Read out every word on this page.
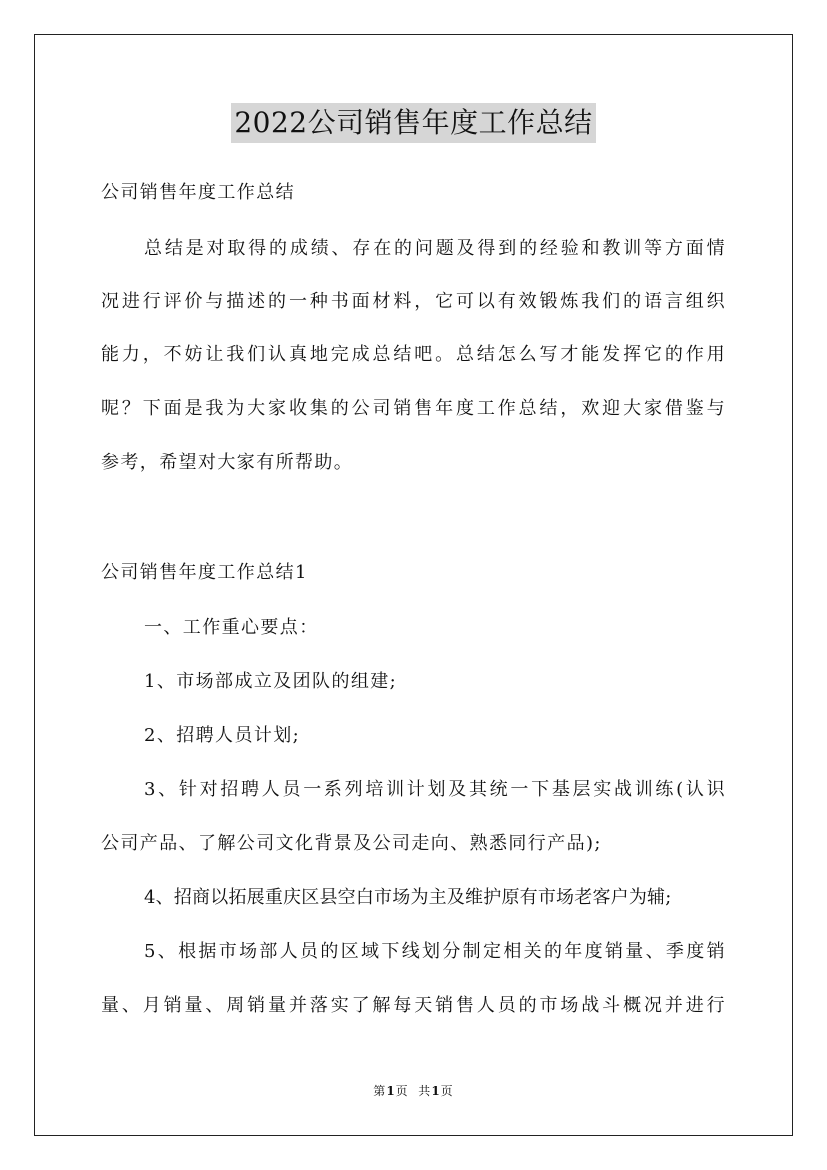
2022公司销售年度工作总结
公司销售年度工作总结
总结是对取得的成绩、存在的问题及得到的经验和教训等方面情
况进行评价与描述的一种书面材料，它可以有效锻炼我们的语言组织
能力，不妨让我们认真地完成总结吧。总结怎么写才能发挥它的作用
呢？下面是我为大家收集的公司销售年度工作总结，欢迎大家借鉴与
参考，希望对大家有所帮助。
公司销售年度工作总结1
一、工作重心要点：
1、市场部成立及团队的组建;
2、招聘人员计划;
3、针对招聘人员一系列培训计划及其统一下基层实战训练(认识
公司产品、了解公司文化背景及公司走向、熟悉同行产品);
4、招商以拓展重庆区县空白市场为主及维护原有市场老客户为辅;
5、根据市场部人员的区域下线划分制定相关的年度销量、季度销
量、月销量、周销量并落实了解每天销售人员的市场战斗概况并进行
第1页  共1页
